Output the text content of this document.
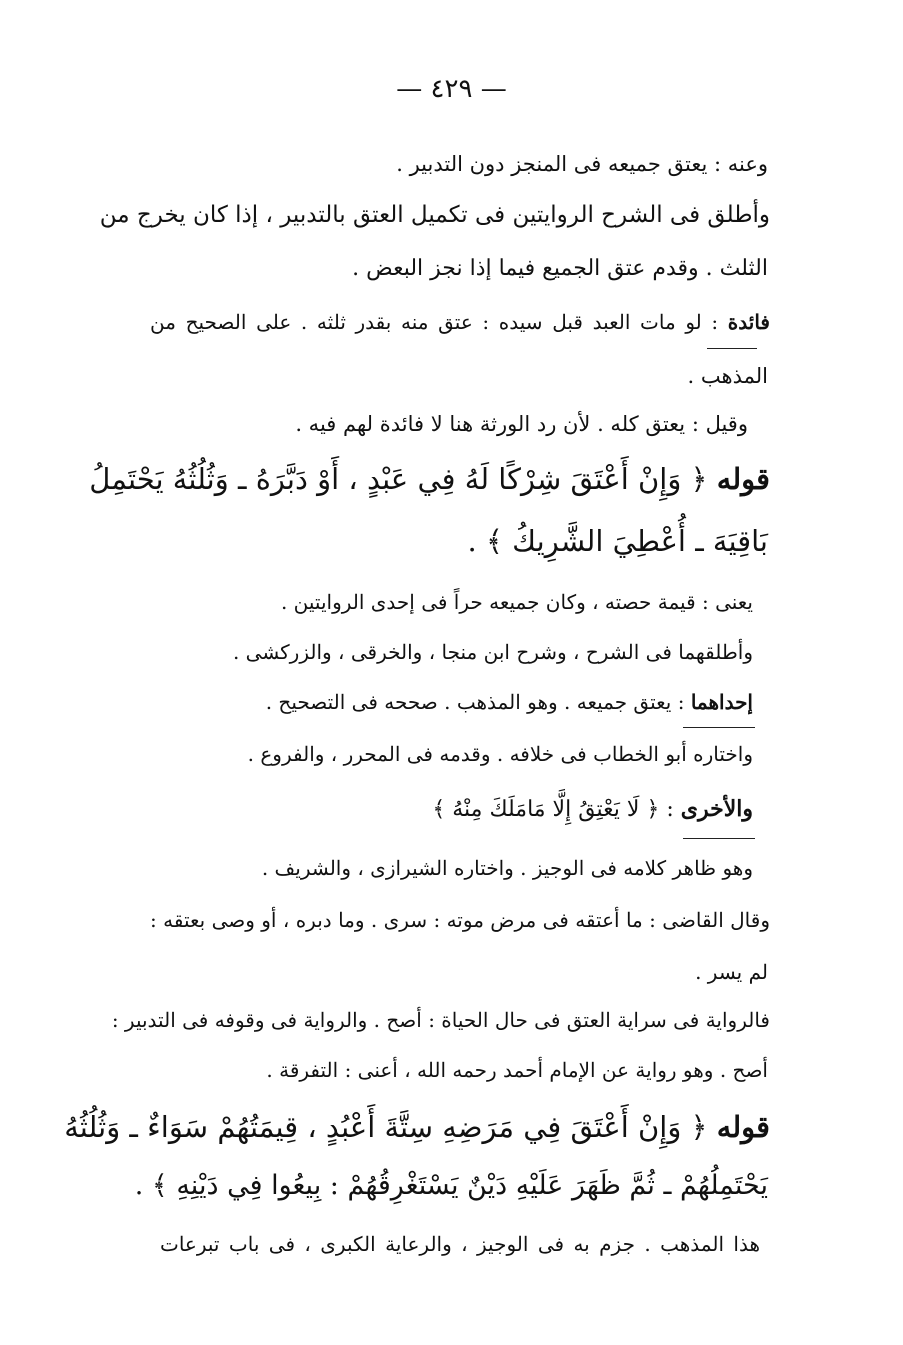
— ٤٢٩ —
وعنه : يعتق جميعه فى المنجز دون التدبير .
وأطلق فى الشرح الروايتين فى تكميل العتق بالتدبير ، إذا كان يخرج من
الثلث . وقدم عتق الجميع فيما إذا نجز البعض .
فائدة : لو مات العبد قبل سيده : عتق منه بقدر ثلثه . على الصحيح من
المذهب .
وقيل : يعتق كله . لأن رد الورثة هنا لا فائدة لهم فيه .
قوله ﴿ وَإِنْ أَعْتَقَ شِرْكًا لَهُ فِي عَبْدٍ ، أَوْ دَبَّرَهُ ـ وَثُلُثُهُ يَحْتَمِلُ
بَاقِيَهَ ـ أُعْطِيَ الشَّرِيكُ ﴾ .
يعنى : قيمة حصته ، وكان جميعه حراً فى إحدى الروايتين .
وأطلقهما فى الشرح ، وشرح ابن منجا ، والخرقى ، والزركشى .
إحداهما : يعتق جميعه . وهو المذهب . صححه فى التصحيح .
واختاره أبو الخطاب فى خلافه . وقدمه فى المحرر ، والفروع .
والأخرى : ﴿ لَا يَعْتِقُ إِلَّا مَامَلَكَ مِنْهُ ﴾
وهو ظاهر كلامه فى الوجيز . واختاره الشيرازى ، والشريف .
وقال القاضى : ما أعتقه فى مرض موته : سرى . وما دبره ، أو وصى بعتقه :
لم يسر .
فالرواية فى سراية العتق فى حال الحياة : أصح . والرواية فى وقوفه فى التدبير :
أصح . وهو رواية عن الإمام أحمد رحمه الله ، أعنى : التفرقة .
قوله ﴿ وَإِنْ أَعْتَقَ فِي مَرَضِهِ سِتَّةَ أَعْبُدٍ ، قِيمَتُهُمْ سَوَاءٌ ـ وَثُلُثُهُ
يَحْتَمِلُهُمْ ـ ثُمَّ ظَهَرَ عَلَيْهِ دَيْنٌ يَسْتَغْرِقُهُمْ : بِيعُوا فِي دَيْنِهِ ﴾ .
هذا المذهب . جزم به فى الوجيز ، والرعاية الكبرى ، فى باب تبرعات
